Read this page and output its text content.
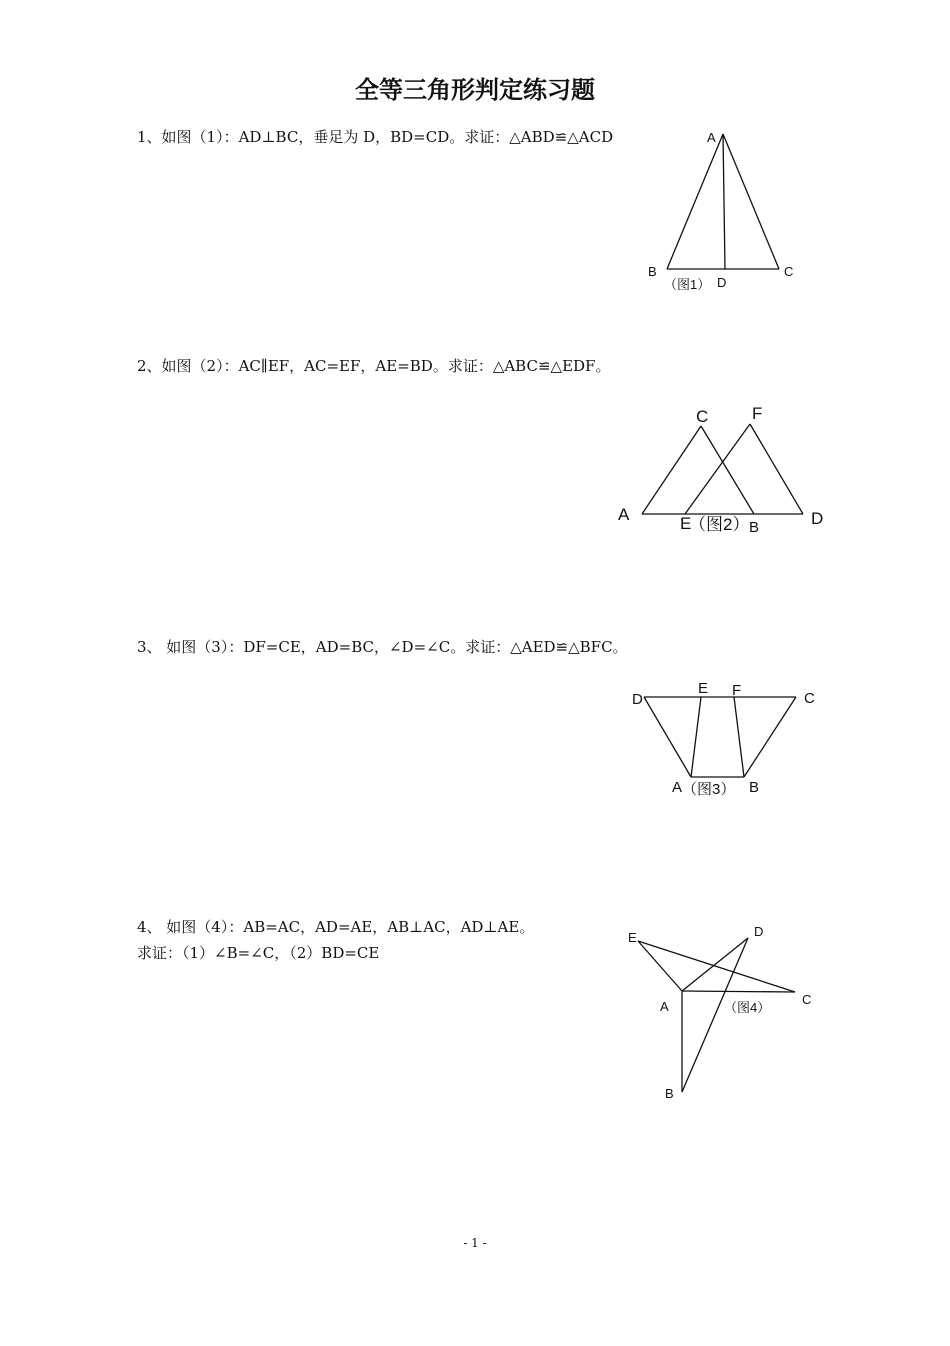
全等三角形判定练习题
1、如图（1）：AD⊥BC，垂足为 D，BD=CD。求证：△ABD≌△ACD	A
B	C
D
（图1）
2、如图（2）：AC∥EF，AC=EF，AE=BD。求证：△ABC≌△EDF。
C	F
A	E
（图2） B	D
3、 如图（3）：DF=CE，AD=BC，∠D=∠C。求证：△AED≌△BFC。
D
E F	C
A （图3） B
4、 如图（4）：AB=AC，AD=AE，AB⊥AC，AD⊥AE。
求证：（1）∠B=∠C，（2）BD=CE
E	D
A	C
（图4）
B
- 1 -
